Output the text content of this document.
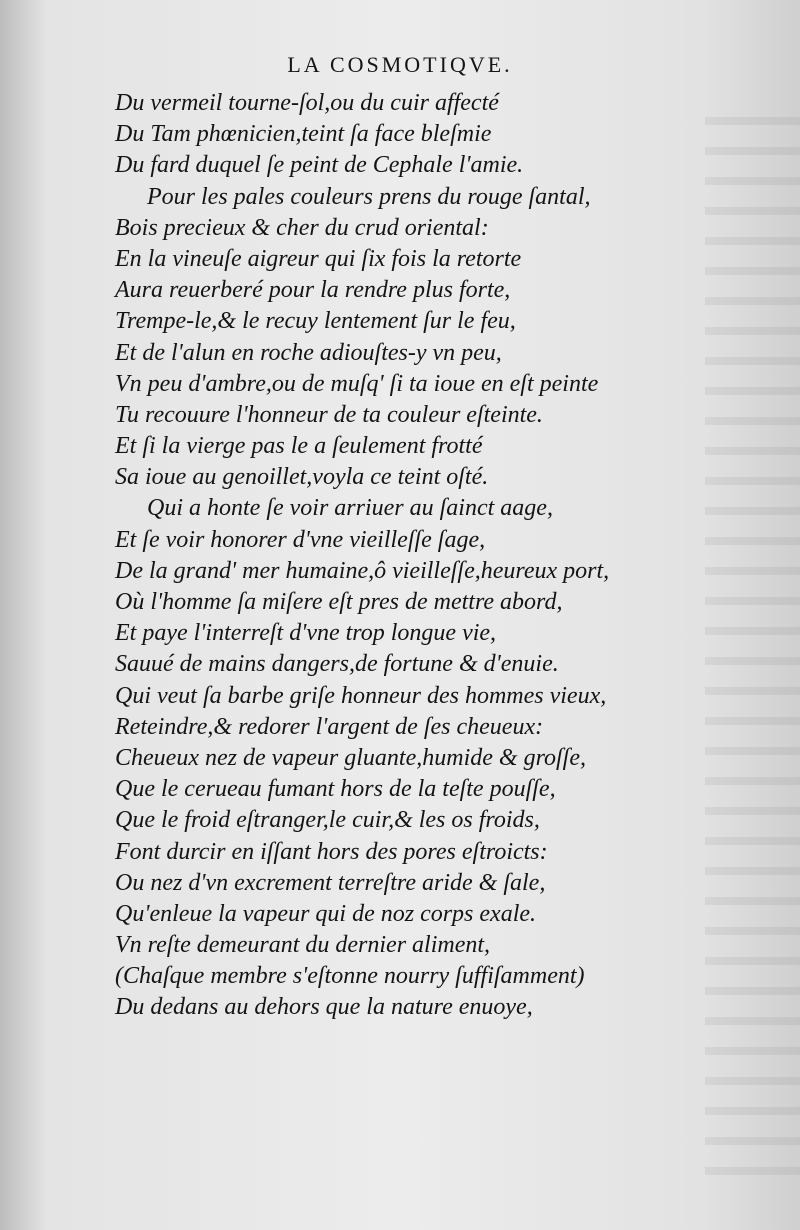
LA COSMOTIQVE.
Du vermeil tourne-ſol,ou du cuir affecté
Du Tam phœnicien,teint ſa face bleſmie
Du fard duquel ſe peint de Cephale l'amie.
Pour les pales couleurs prens du rouge ſantal,
Bois precieux & cher du crud oriental:
En la vineuſe aigreur qui ſix fois la retorte
Aura reuerberé pour la rendre plus forte,
Trempe-le,& le recuy lentement ſur le feu,
Et de l'alun en roche adiouſtes-y vn peu,
Vn peu d'ambre,ou de muſq' ſi ta ioue en eſt peinte
Tu recouure l'honneur de ta couleur eſteinte.
Et ſi la vierge pas le a ſeulement frotté
Sa ioue au genoillet,voyla ce teint oſté.
Qui a honte ſe voir arriuer au ſainct aage,
Et ſe voir honorer d'vne vieilleſſe ſage,
De la grand' mer humaine,ô vieilleſſe,heureux port,
Où l'homme ſa miſere eſt pres de mettre abord,
Et paye l'interreſt d'vne trop longue vie,
Sauué de mains dangers,de fortune & d'enuie.
Qui veut ſa barbe griſe honneur des hommes vieux,
Reteindre,& redorer l'argent de ſes cheueux:
Cheueux nez de vapeur gluante,humide & groſſe,
Que le cerueau fumant hors de la teſte pouſſe,
Que le froid eſtranger,le cuir,& les os froids,
Font durcir en iſſant hors des pores eſtroicts:
Ou nez d'vn excrement terreſtre aride & ſale,
Qu'enleue la vapeur qui de noz corps exale.
Vn reſte demeurant du dernier aliment,
(Chaſque membre s'eſtonne nourry ſuffiſamment)
Du dedans au dehors que la nature enuoye,
